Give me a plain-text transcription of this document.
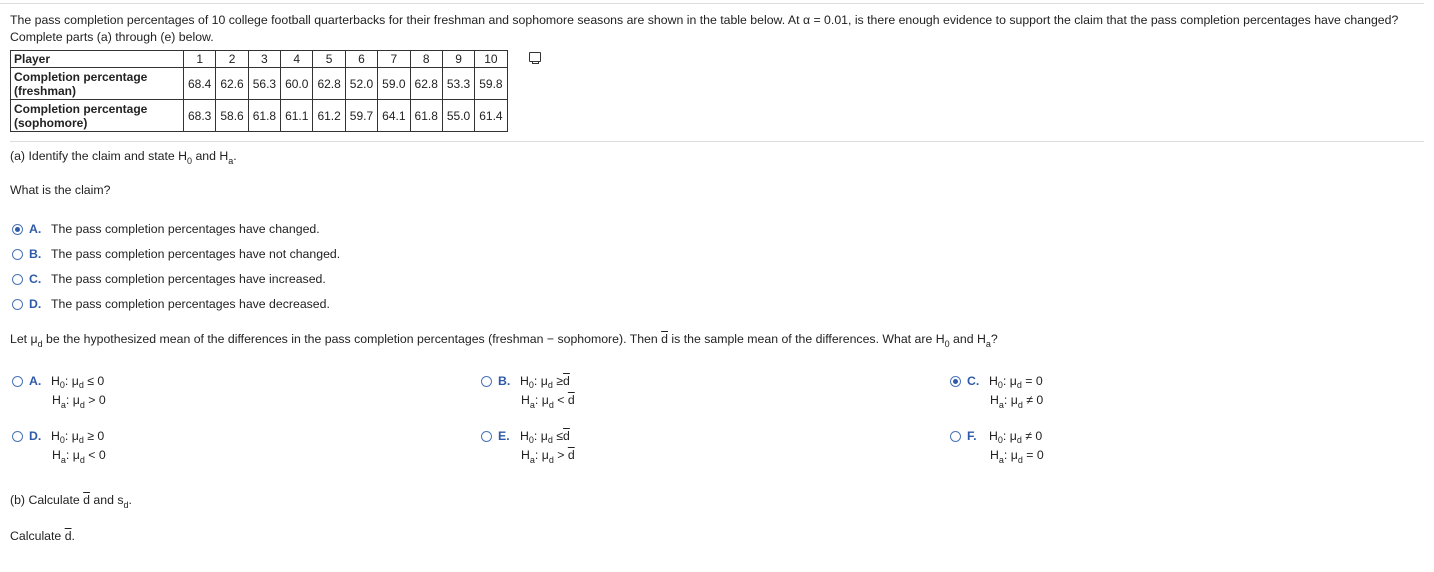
The pass completion percentages of 10 college football quarterbacks for their freshman and sophomore seasons are shown in the table below. At α = 0.01, is there enough evidence to support the claim that the pass completion percentages have changed? Complete parts (a) through (e) below.
Player	1	2	3	4	5	6	7	8	9	10
Completion percentage
(freshman)	68.4	62.6	56.3	60.0	62.8	52.0	59.0	62.8	53.3	59.8
Completion percentage
(sophomore)	68.3	58.6	61.8	61.1	61.2	59.7	64.1	61.8	55.0	61.4
(a) Identify the claim and state $H_0$ and $H_a$.
What is the claim?
A. The pass completion percentages have changed.
B. The pass completion percentages have not changed.
C. The pass completion percentages have increased.
D. The pass completion percentages have decreased.
Let $\mu_d$ be the hypothesized mean of the differences in the pass completion percentages (freshman − sophomore). Then $\overline{d}$ is the sample mean of the differences. What are $H_0$ and $H_a$?
A. H 0 : μ d
≤ 0
$H_a$: $\mu_d > 0$
B. H 0 : μ d
≥ $\overline{d}$
$H_a$: $\mu_d < \overline{d}$
C. H 0 : μ d
= 0
$H_a$: $\mu_d \ne 0$
D. H 0 : μ d
≥ 0
$H_a$: $\mu_d < 0$
E. H 0 : μ d
≤ $\overline{d}$
$H_a$: $\mu_d > \overline{d}$
F.	H 0 : μ d
≠ 0
$H_a$: $\mu_d = 0$
(b) Calculate $\overline{d}$ and $s_d$.
Calculate $\overline{d}$.
